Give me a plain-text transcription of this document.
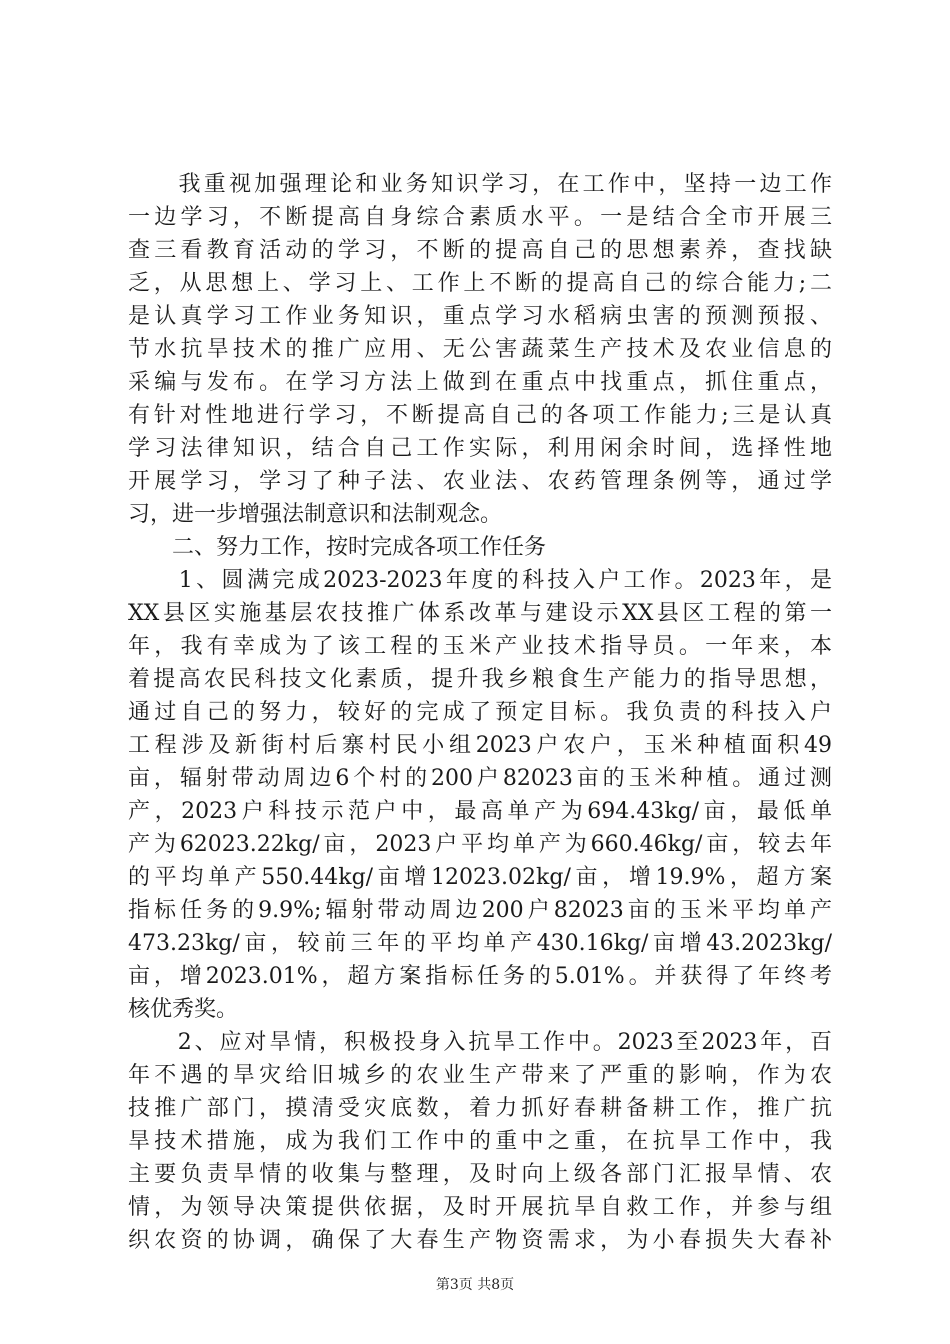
　　我重视加强理论和业务知识学习，在工作中，坚持一边工作
一边学习，不断提高自身综合素质水平。一是结合全市开展三
查三看教育活动的学习，不断的提高自己的思想素养，查找缺
乏，从思想上、学习上、工作上不断的提高自己的综合能力;二
是认真学习工作业务知识，重点学习水稻病虫害的预测预报、
节水抗旱技术的推广应用、无公害蔬菜生产技术及农业信息的
采编与发布。在学习方法上做到在重点中找重点，抓住重点，
有针对性地进行学习，不断提高自己的各项工作能力;三是认真
学习法律知识，结合自己工作实际，利用闲余时间，选择性地
开展学习，学习了种子法、农业法、农药管理条例等，通过学
习，进一步增强法制意识和法制观念。
　　二、努力工作，按时完成各项工作任务
　　1、圆满完成2023-2023年度的科技入户工作。2023年，是
XX县区实施基层农技推广体系改革与建设示XX县区工程的第一
年，我有幸成为了该工程的玉米产业技术指导员。一年来，本
着提高农民科技文化素质，提升我乡粮食生产能力的指导思想，
通过自己的努力，较好的完成了预定目标。我负责的科技入户
工程涉及新街村后寨村民小组2023户农户，玉米种植面积49
亩，辐射带动周边6个村的200户82023亩的玉米种植。通过测
产，2023户科技示范户中，最高单产为694.43kg/亩，最低单
产为62023.22kg/亩，2023户平均单产为660.46kg/亩，较去年
的平均单产550.44kg/亩增12023.02kg/亩，增19.9%，超方案
指标任务的9.9%;辐射带动周边200户82023亩的玉米平均单产
473.23kg/亩，较前三年的平均单产430.16kg/亩增43.2023kg/
亩，增2023.01%，超方案指标任务的5.01%。并获得了年终考
核优秀奖。
　　2、应对旱情，积极投身入抗旱工作中。2023至2023年，百
年不遇的旱灾给旧城乡的农业生产带来了严重的影响，作为农
技推广部门，摸清受灾底数，着力抓好春耕备耕工作，推广抗
旱技术措施，成为我们工作中的重中之重，在抗旱工作中，我
主要负责旱情的收集与整理，及时向上级各部门汇报旱情、农
情，为领导决策提供依据，及时开展抗旱自救工作，并参与组
织农资的协调，确保了大春生产物资需求，为小春损失大春补
第3页 共8页
